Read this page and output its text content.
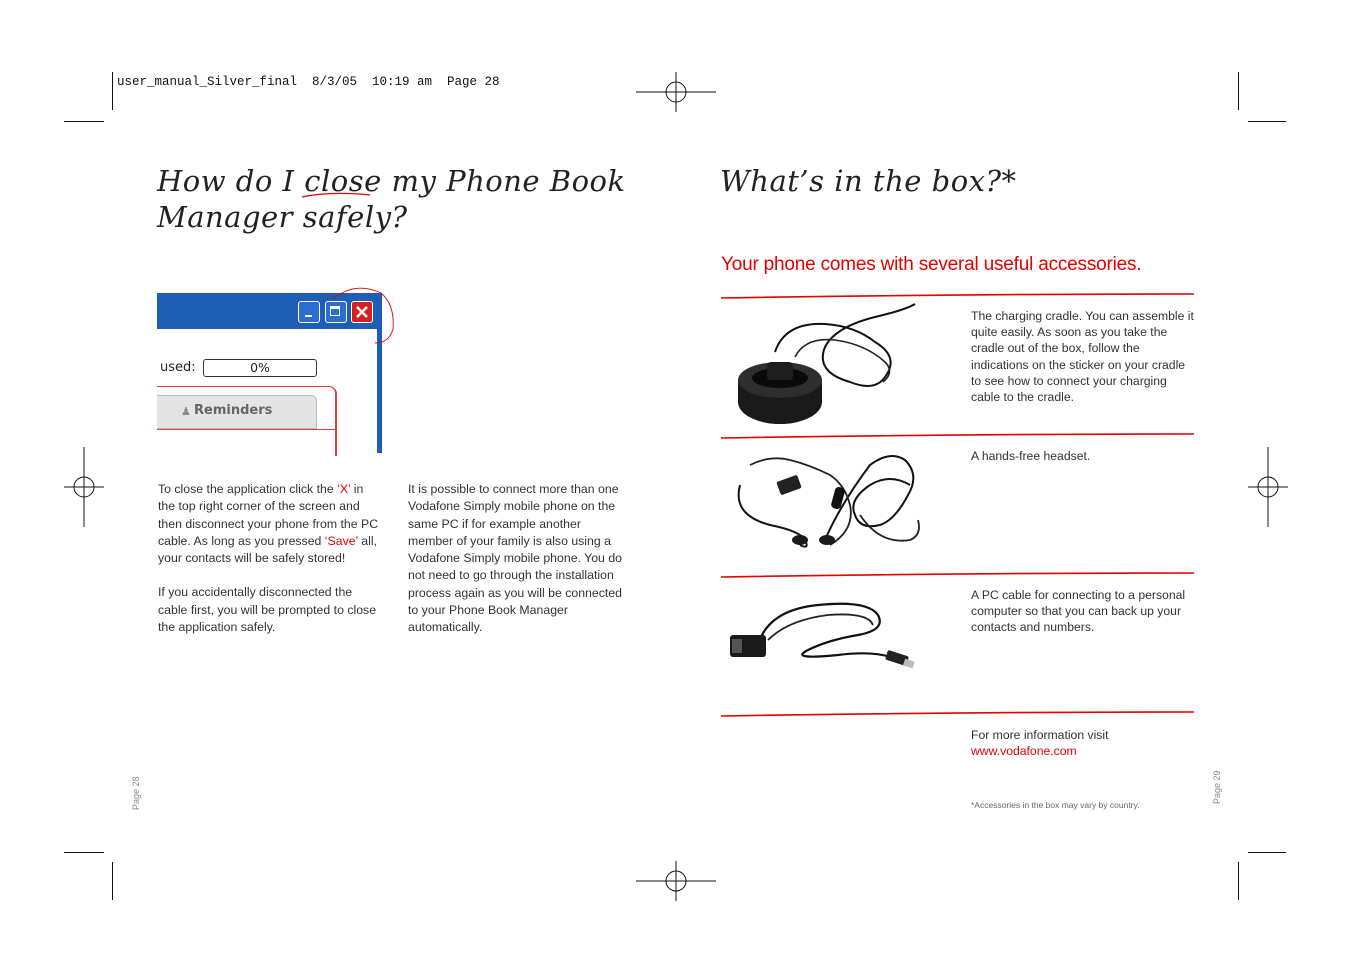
user_manual_Silver_final  8/3/05  10:19 am  Page 28
How do I close
my Phone Book
Manager safely?
used:	0%
♟ Reminders

To close the application click the ‘X’ in the top right corner of the screen and then disconnect your phone from the PC cable. As long as you pressed ‘Save’ all, your contacts will be safely stored!

If you accidentally disconnected the cable first, you will be prompted to close the application safely.

It is possible to connect more than one Vodafone Simply mobile phone on the same PC if for example another member of your family is also using a Vodafone Simply mobile phone. You do not need to go through the installation process again as you will be connected to your Phone Book Manager automatically.

Page 28
What’s in the box?*
Your phone comes with several useful accessories.
The charging cradle. You can assemble it quite easily. As soon as you take the cradle out of the box, follow the indications on the sticker on your cradle to see how to connect your charging cable to the cradle.
A hands-free headset.
A PC cable for connecting to a personal computer so that you can back up your contacts and numbers.
For more information visit
www.vodafone.com
*Accessories in the box may vary by country.
Page 29
